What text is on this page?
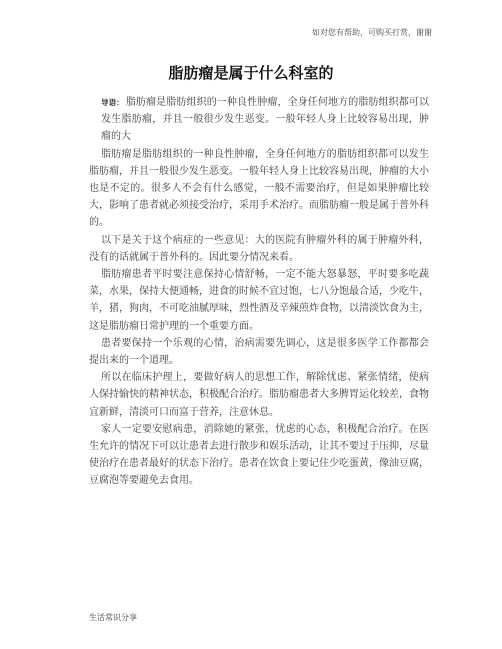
如对您有帮助，可购买打赏，谢谢
脂肪瘤是属于什么科室的

导语： 脂肪瘤是脂肪组织的一种良性肿瘤，全身任何地方的脂肪组织都可以发生脂肪瘤，并且一般很少发生恶变。一般年轻人身上比较容易出现，肿瘤的大

脂肪瘤是脂肪组织的一种良性肿瘤，全身任何地方的脂肪组织都可以发生脂肪瘤，并且一般很少发生恶变。一般年轻人身上比较容易出现，肿瘤的大小也是不定的。很多人不会有什么感觉，一般不需要治疗，但是如果肿瘤比较大，影响了患者就必须接受治疗，采用手术治疗。而脂肪瘤一般是属于普外科的。

以下是关于这个病症的一些意见：大的医院有肿瘤外科的属于肿瘤外科，没有的话就属于普外科的。因此要分情况来看。

脂肪瘤患者平时要注意保持心情舒畅，一定不能大怒暴怒，平时要多吃蔬菜，水果，保持大便通畅，进食的时候不宜过饱，七八分饱最合适，少吃牛，羊，猪，狗肉，不可吃油腻厚味，烈性酒及辛辣煎炸食物，以清淡饮食为主，这是脂肪瘤日常护理的一个重要方面。

患者要保持一个乐观的心情，治病需要先调心，这是很多医学工作都都会提出来的一个道理。

所以在临床护理上，要做好病人的思想工作，解除忧虑、紧张情绪，使病人保持愉快的精神状态，积极配合治疗。脂肪瘤患者大多脾胃运化较差，食物宜新鲜，清淡可口而富于营养，注意休息。

家人一定要安慰病患，消除她的紧张，忧虑的心态，积极配合治疗。在医生允许的情况下可以让患者去进行散步和娱乐活动，让其不要过于压抑，尽量使治疗在患者最好的状态下治疗。患者在饮食上要记住少吃蛋黄，像油豆腐，豆腐泡等要避免去食用。

生活常识分享
